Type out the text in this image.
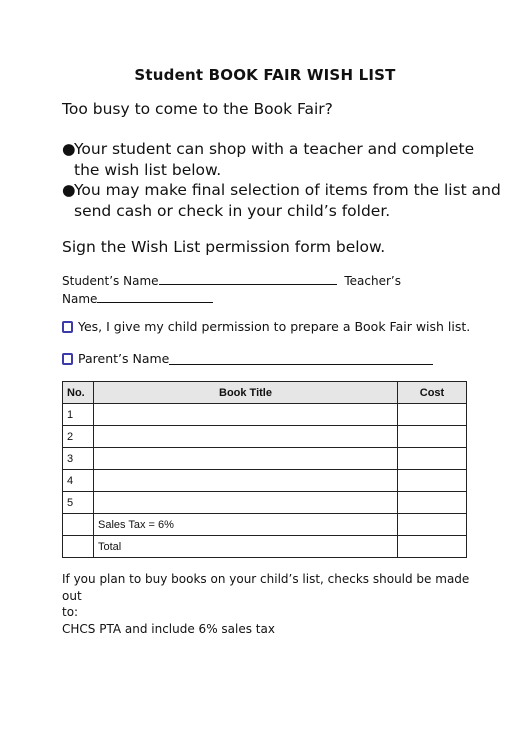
Student BOOK FAIR WISH LIST
Too busy to come to the Book Fair?
●
Your student can shop with a teacher and complete
the wish list below.
●
You may make final selection of items from the list and
send cash or check in your child’s folder.
Sign the Wish List permission form below.
Student’s Name	Teacher’s
Name
Yes, I give my child permission to prepare a Book Fair wish list.
Parent’s Name
No.	Book Title	Cost
1		
2		
3		
4		
5		
	Sales Tax = 6%	
	Total	
If you plan to buy books on your child’s list, checks should be made out
to:
CHCS PTA and include 6% sales tax
